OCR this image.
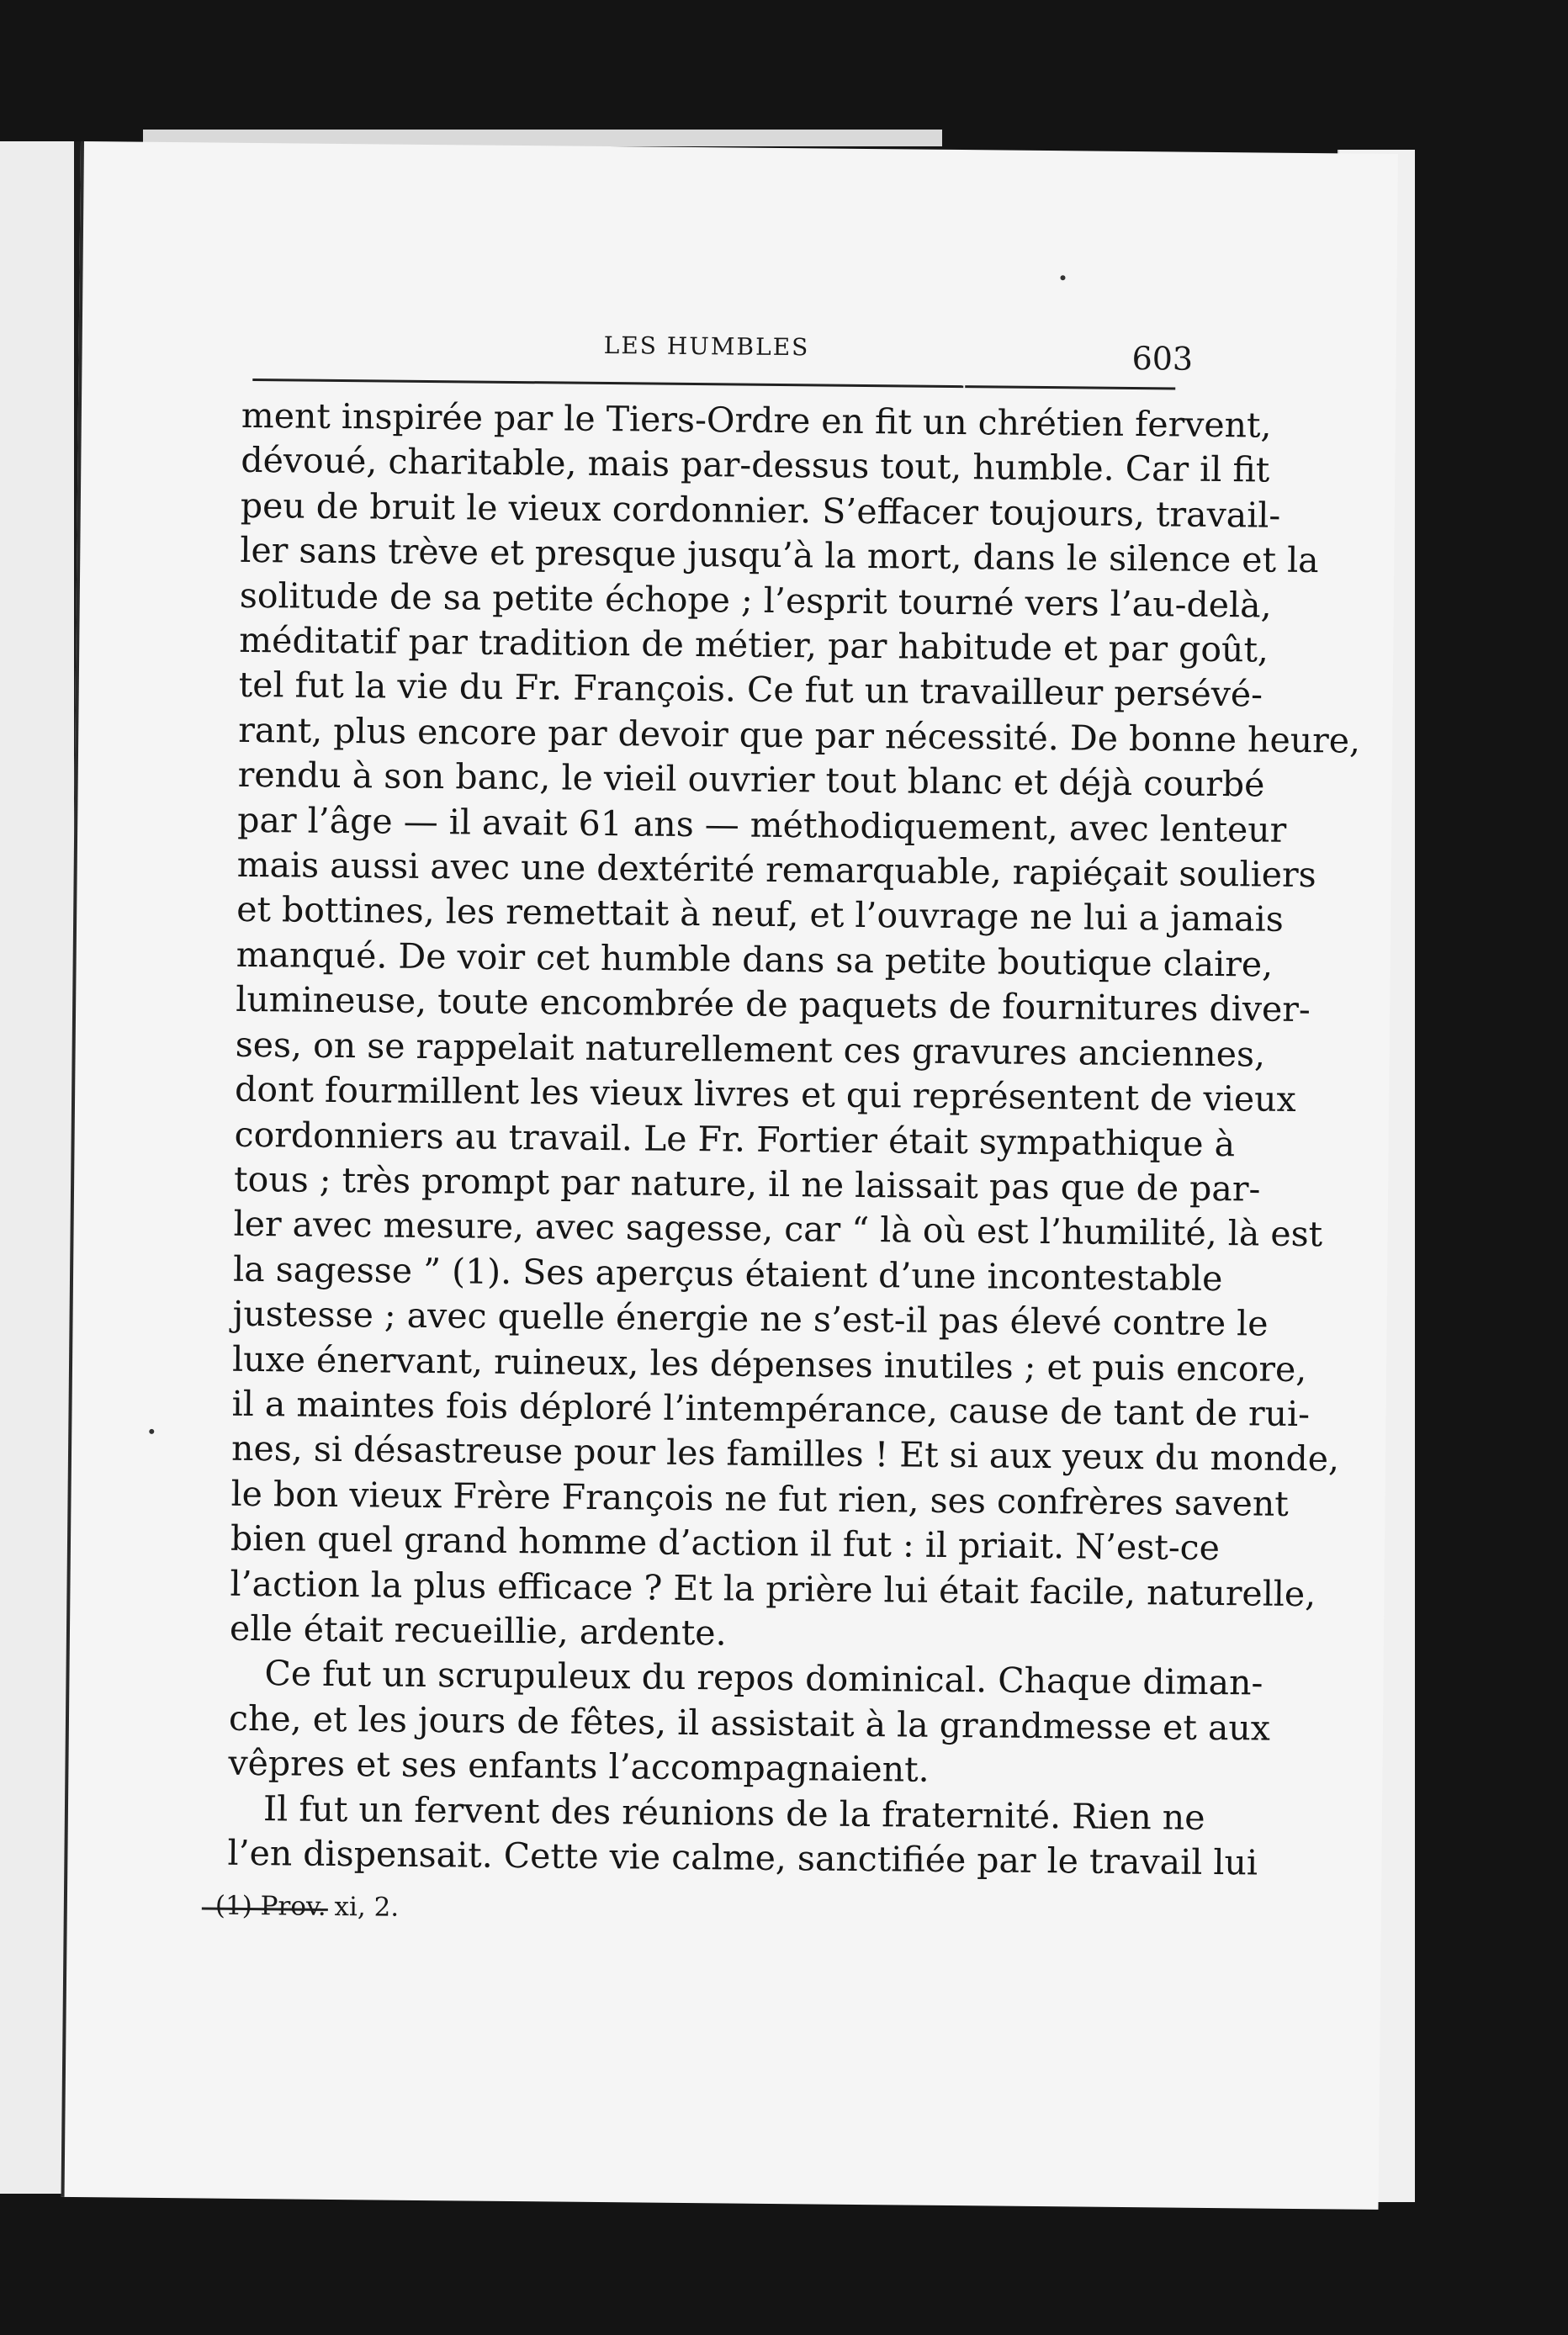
LES HUMBLES	603
ment inspirée par le Tiers-Ordre en fit un chrétien fervent,
dévoué, charitable, mais par-dessus tout, humble. Car il fit
peu de bruit le vieux cordonnier. S’effacer toujours, travail-
ler sans trève et presque jusqu’à la mort, dans le silence et la
solitude de sa petite échope ; l’esprit tourné vers l’au-delà,
méditatif par tradition de métier, par habitude et par goût,
tel fut la vie du Fr. François. Ce fut un travailleur persévé-
rant, plus encore par devoir que par nécessité. De bonne heure,
rendu à son banc, le vieil ouvrier tout blanc et déjà courbé
par l’âge — il avait 61 ans — méthodiquement, avec lenteur
mais aussi avec une dextérité remarquable, rapiéçait souliers
et bottines, les remettait à neuf, et l’ouvrage ne lui a jamais
manqué. De voir cet humble dans sa petite boutique claire,
lumineuse, toute encombrée de paquets de fournitures diver-
ses, on se rappelait naturellement ces gravures anciennes,
dont fourmillent les vieux livres et qui représentent de vieux
cordonniers au travail. Le Fr. Fortier était sympathique à
tous ; très prompt par nature, il ne laissait pas que de par-
ler avec mesure, avec sagesse, car “ là où est l’humilité, là est
la sagesse ” (1). Ses aperçus étaient d’une incontestable
justesse ; avec quelle énergie ne s’est-il pas élevé contre le
luxe énervant, ruineux, les dépenses inutiles ; et puis encore,
il a maintes fois déploré l’intempérance, cause de tant de rui-
nes, si désastreuse pour les familles ! Et si aux yeux du monde,
le bon vieux Frère François ne fut rien, ses confrères savent
bien quel grand homme d’action il fut : il priait. N’est-ce
l’action la plus efficace ? Et la prière lui était facile, naturelle,
elle était recueillie, ardente.
Ce fut un scrupuleux du repos dominical. Chaque diman-
che, et les jours de fêtes, il assistait à la grandmesse et aux
vêpres et ses enfants l’accompagnaient.
Il fut un fervent des réunions de la fraternité. Rien ne
l’en dispensait. Cette vie calme, sanctifiée par le travail lui
(1) Prov. xi, 2.
